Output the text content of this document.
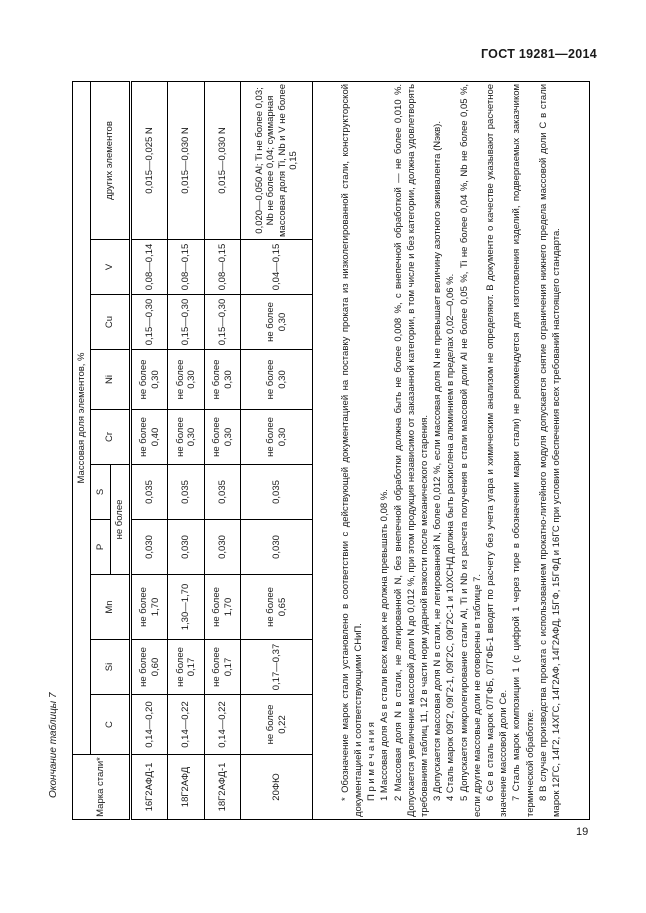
ГОСТ 19281—2014
Окончание таблицы 7	Марка стали*	Массовая доля элементов, %									
	C	Si	Mn	P	S	Cr	Ni	Cu	V	других элементов
				не более						
16Г2АФД-1	0,14—0,20	не более 0,60	не более 1,70	0,030	0,035	не более 0,40	не более 0,30	0,15—0,30	0,08—0,14	0,015—0,025 N
18Г2АФД	0,14—0,22	не более 0,17	1,30—1,70	0,030	0,035	не более 0,30	не более 0,30	0,15—0,30	0,08—0,15	0,015—0,030 N
18Г2АФД-1	0,14—0,22	не более 0,17	не более 1,70	0,030	0,035	не более 0,30	не более 0,30	0,15—0,30	0,08—0,15	0,015—0,030 N
20ФЮ	не более 0,22	0,17—0,37	не более 0,65	0,030	0,035	не более 0,30	не более 0,30	не более 0,30	0,04—0,15	0,020—0,050 Al; Ti не более 0,03; Nb не более 0,04; суммарная массовая доля Ti, Nb и V не более 0,15

* Обозначение марок стали установлено в соответствии с действующей документацией на поставку проката из низколегированной стали, конструкторской документацией и соответствующими СНиП. П р и м е ч а н и я 1 Массовая доля As в стали всех марок не должна превышать 0,08 %. 2 Массовая доля N в стали, не легированной N, без внепечной обработки должна быть не более 0,008 %, с внепечной обработкой — не более 0,010 %. Допускается увеличение массовой доли N до 0,012 %, при этом продукция независимо от заказанной категории, в том числе и без категории, должна удовлетворять требованиям таблиц 11, 12 в части норм ударной вязкости после механического старения. 3 Допускается массовая доля N в стали, не легированной N, более 0,012 %, если массовая доля N не превышает величину азотного эквивалента (Nэкв). 4 Сталь марок 09Г2, 09Г2-1, 09Г2С, 09Г2С-1 и 10ХСНД должна быть раскислена алюминием в пределах 0,02—0,06 %. 5 Допускается микролегирование стали Al, Ti и Nb из расчета получения в стали массовой доли Al не более 0,05 %, Ti не более 0,04 %, Nb не более 0,05 %, если другие массовые доли не оговорены в таблице 7. 6 Се в сталь марок 07ГФБ, 07ГФБ-1 вводят по расчету без учета угара и химическим анализом не определяют. В документе о качестве указывают расчетное значение массовой доли Се. 7 Сталь марок композиции 1 (с цифрой 1 через тире в обозначении марки стали) не рекомендуется для изготовления изделий, подвергаемых заказчиком термической обработке. 8 В случае производства проката с использованием прокатно-литейного модуля допускается снятие ограничения нижнего предела массовой доли С в стали марок 12ГС, 14Г2, 14ХГС, 14Г2АФ, 14Г2АФД, 15ГФ, 15ГФД и 16ГС при условии обеспечения всех требований настоящего стандарта.

19
